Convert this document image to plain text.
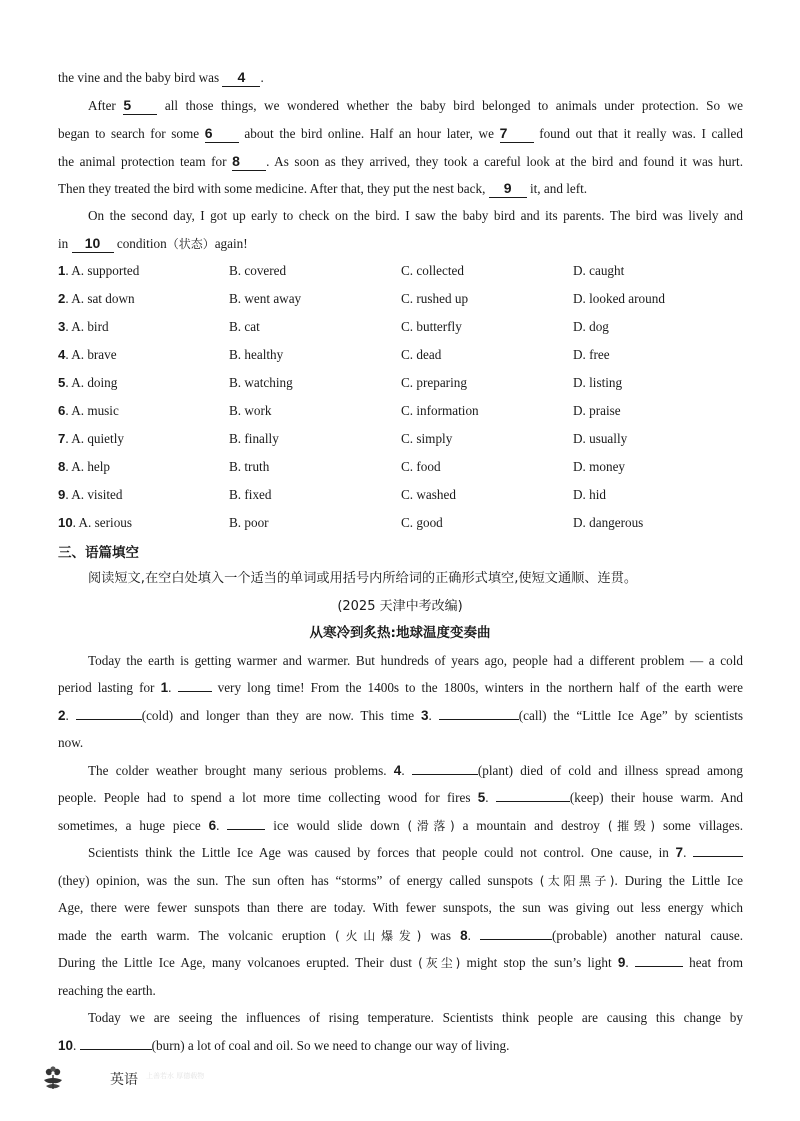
the vine and the baby bird was 4 .
After 5 all those things, we wondered whether the baby bird belonged to animals under protection. So we
began to search for some 6 about the bird online. Half an hour later, we 7 found out that it really was. I called
the animal protection team for 8 . As soon as they arrived, they took a careful look at the bird and found it was hurt.
Then they treated the bird with some medicine. After that, they put the nest back, 9 it, and left.
On the second day, I got up early to check on the bird. I saw the baby bird and its parents. The bird was lively and
in 10 condition（状态）again!
1. A. supported	B. covered	C. collected	D. caught
2. A. sat down	B. went away	C. rushed up	D. looked around
3. A. bird	B. cat	C. butterfly	D. dog
4. A. brave	B. healthy	C. dead	D. free
5. A. doing	B. watching	C. preparing	D. listing
6. A. music	B. work	C. information	D. praise
7. A. quietly	B. finally	C. simply	D. usually
8. A. help	B. truth	C. food	D. money
9. A. visited	B. fixed	C. washed	D. hid
10. A. serious	B. poor	C. good	D. dangerous
三、语篇填空
阅读短文,在空白处填入一个适当的单词或用括号内所给词的正确形式填空,使短文通顺、连贯。
(2025 天津中考改编)
从寒冷到炙热:地球温度变奏曲
Today the earth is getting warmer and warmer. But hundreds of years ago, people had a different problem — a cold
period lasting for 1.	very long time! From the 1400s to the 1800s, winters in the northern half of the earth were
2.	(cold) and longer than they are now. This time 3.	(call) the “Little Ice Age” by scientists
now.
The colder weather brought many serious problems. 4.	(plant) died of cold and illness spread among
people. People had to spend a lot more time collecting wood for fires 5.	(keep) their house warm. And
sometimes, a huge piece 6.	ice would slide down (滑落) a mountain and destroy (摧毁) some villages.
Scientists think the Little Ice Age was caused by forces that people could not control. One cause, in 7.
(they) opinion, was the sun. The sun often has “storms” of energy called sunspots (太阳黑子). During the Little Ice
Age, there were fewer sunspots than there are today. With fewer sunspots, the sun was giving out less energy which
made the earth warm. The volcanic eruption (火山爆发) was 8.	(probable) another natural cause.
During the Little Ice Age, many volcanoes erupted. Their dust (灰尘) might stop the sun’s light 9.	heat from
reaching the earth.
Today we are seeing the influences of rising temperature. Scientists think people are causing this change by
10.	(burn) a lot of coal and oil. So we need to change our way of living.
英语 上善若水 厚德载物
